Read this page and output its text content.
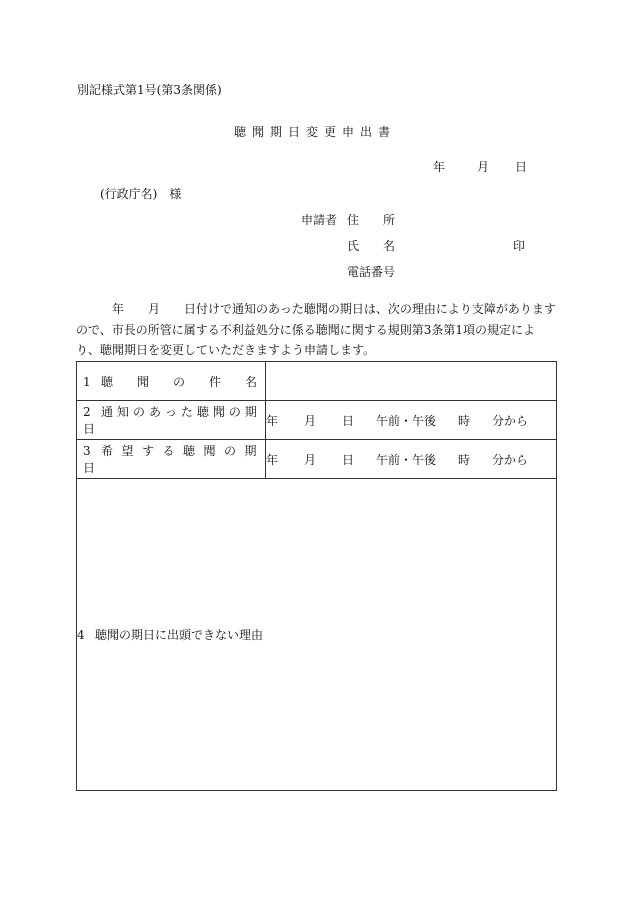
別記様式第1号(第3条関係)
聴聞期日変更申出書
年	月 日
(行政庁名)　様
申請者 住　　所
氏　　名	印
電話番号
年 月 日付けで通知のあった聴聞の期日は、次の理由により支障がありますので、市長の所管に属する不利益処分に係る聴聞に関する規則第3条第1項の規定により、聴聞期日を変更していただきますよう申請します。
1 聴　　聞　　の　　件　　名	
2 通知のあった聴聞の期日	年 月 日 午前・午後 時 分から
3 希望する聴聞の期日	年 月 日 午前・午後 時 分から
4 聴聞の期日に出頭できない理由	
